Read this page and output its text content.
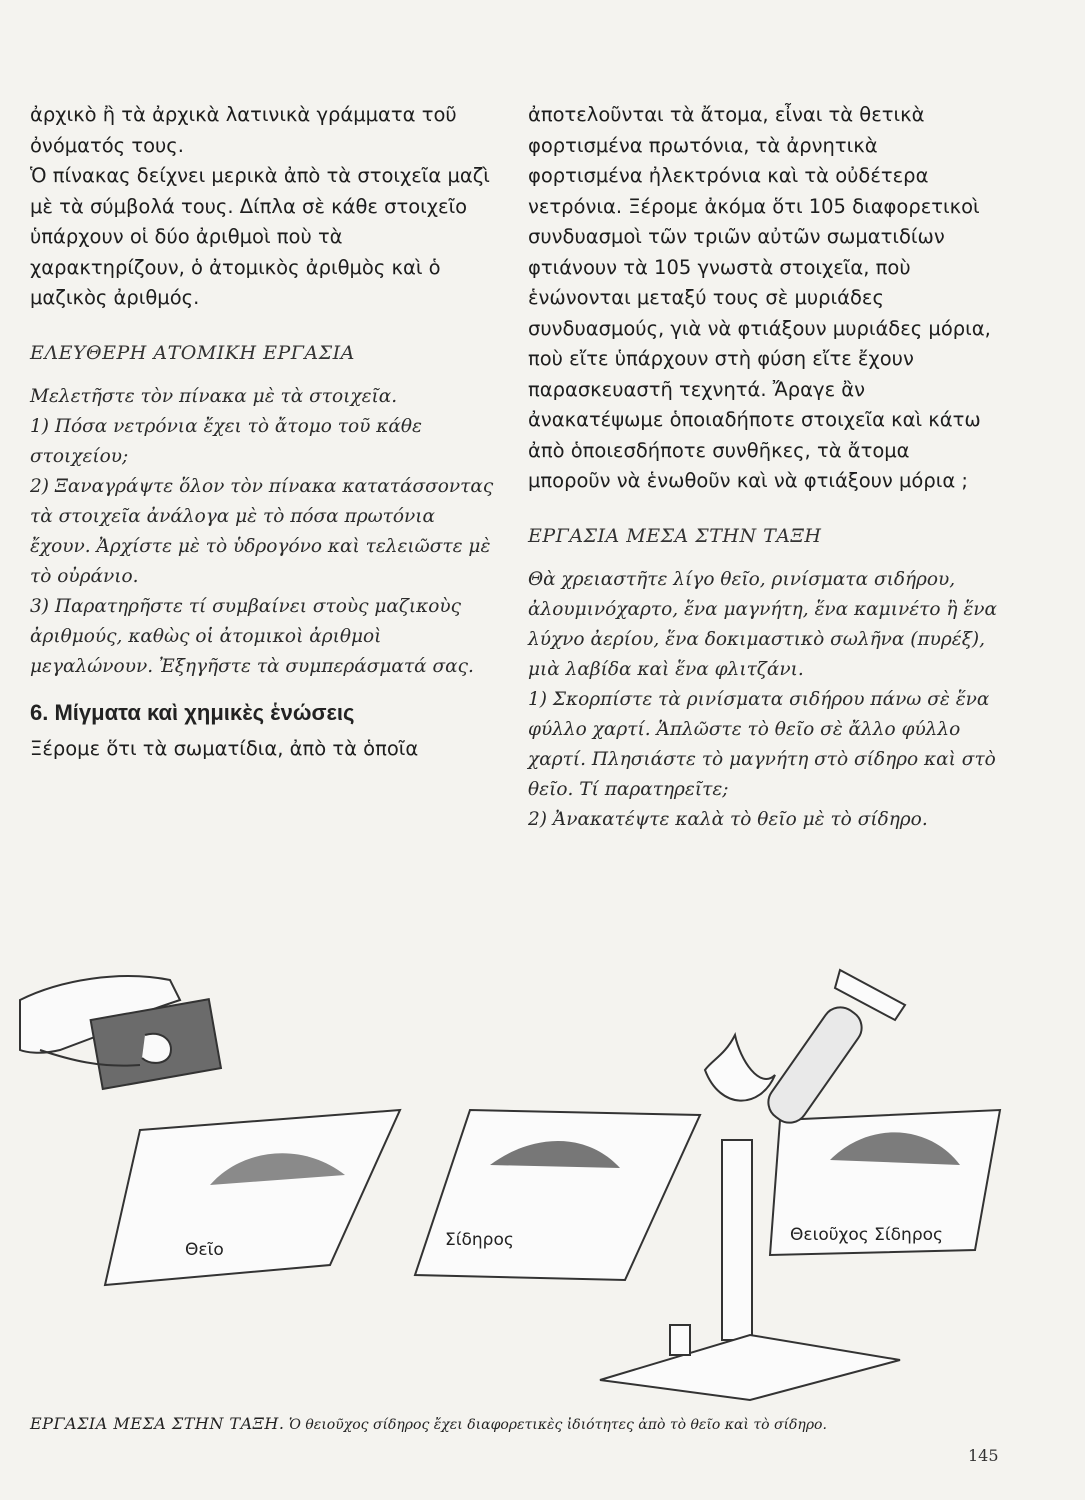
ἀρχικὸ ἢ τὰ ἀρχικὰ λατινικὰ γράμματα τοῦ ὀνόματός τους.

Ὁ πίνακας δείχνει μερικὰ ἀπὸ τὰ στοιχεῖα μαζὶ μὲ τὰ σύμβολά τους. Δίπλα σὲ κάθε στοιχεῖο ὑπάρχουν οἱ δύο ἀριθμοὶ ποὺ τὰ χαρακτηρίζουν, ὁ ἀτομικὸς ἀριθμὸς καὶ ὁ μαζικὸς ἀριθμός.

ΕΛΕΥΘΕΡΗ ΑΤΟΜΙΚΗ ΕΡΓΑΣΙΑ

Μελετῆστε τὸν πίνακα μὲ τὰ στοιχεῖα.

1) Πόσα νετρόνια ἔχει τὸ ἄτομο τοῦ κάθε στοιχείου;

2) Ξαναγράψτε ὅλον τὸν πίνακα κατατάσσοντας τὰ στοιχεῖα ἀνάλογα μὲ τὸ πόσα πρωτόνια ἔχουν. Ἀρχίστε μὲ τὸ ὑδρογόνο καὶ τελειῶστε μὲ τὸ οὐράνιο.

3) Παρατηρῆστε τί συμβαίνει στοὺς μαζικοὺς ἀριθμούς, καθὼς οἱ ἀτομικοὶ ἀριθμοὶ μεγαλώνουν. Ἐξηγῆστε τὰ συμπεράσματά σας.

6. Μίγματα καὶ χημικὲς ἑνώσεις

Ξέρομε ὅτι τὰ σωματίδια, ἀπὸ τὰ ὁποῖα

ἀποτελοῦνται τὰ ἄτομα, εἶναι τὰ θετικὰ φορτισμένα πρωτόνια, τὰ ἀρνητικὰ φορτισμένα ἠλεκτρόνια καὶ τὰ οὐδέτερα νετρόνια. Ξέρομε ἀκόμα ὅτι 105 διαφορετικοὶ συνδυασμοὶ τῶν τριῶν αὐτῶν σωματιδίων φτιάνουν τὰ 105 γνωστὰ στοιχεῖα, ποὺ ἑνώνονται μεταξύ τους σὲ μυριάδες συνδυασμούς, γιὰ νὰ φτιάξουν μυριάδες μόρια, ποὺ εἴτε ὑπάρχουν στὴ φύση εἴτε ἔχουν παρασκευαστῆ τεχνητά. Ἄραγε ἂν ἀνακατέψωμε ὁποιαδήποτε στοιχεῖα καὶ κάτω ἀπὸ ὁποιεσδήποτε συνθῆκες, τὰ ἄτομα μποροῦν νὰ ἑνωθοῦν καὶ νὰ φτιάξουν μόρια ;

ΕΡΓΑΣΙΑ ΜΕΣΑ ΣΤΗΝ ΤΑΞΗ

Θὰ χρειαστῆτε λίγο θεῖο, ρινίσματα σιδήρου, ἀλουμινόχαρτο, ἕνα μαγνήτη, ἕνα καμινέτο ἢ ἕνα λύχνο ἀερίου, ἕνα δοκιμαστικὸ σωλῆνα (πυρέξ), μιὰ λαβίδα καὶ ἕνα φλιτζάνι.

1) Σκορπίστε τὰ ρινίσματα σιδήρου πάνω σὲ ἕνα φύλλο χαρτί. Ἁπλῶστε τὸ θεῖο σὲ ἄλλο φύλλο χαρτί. Πλησιάστε τὸ μαγνήτη στὸ σίδηρο καὶ στὸ θεῖο. Τί παρατηρεῖτε;

2) Ἀνακατέψτε καλὰ τὸ θεῖο μὲ τὸ σίδηρο.

Θεῖο	Σίδηρος	Θειοῦχος Σίδηρος
ΕΡΓΑΣΙΑ ΜΕΣΑ ΣΤΗΝ ΤΑΞΗ. Ὁ θειοῦχος σίδηρος ἔχει διαφορετικὲς ἰδιότητες ἀπὸ τὸ θεῖο καὶ τὸ σίδηρο.
145
